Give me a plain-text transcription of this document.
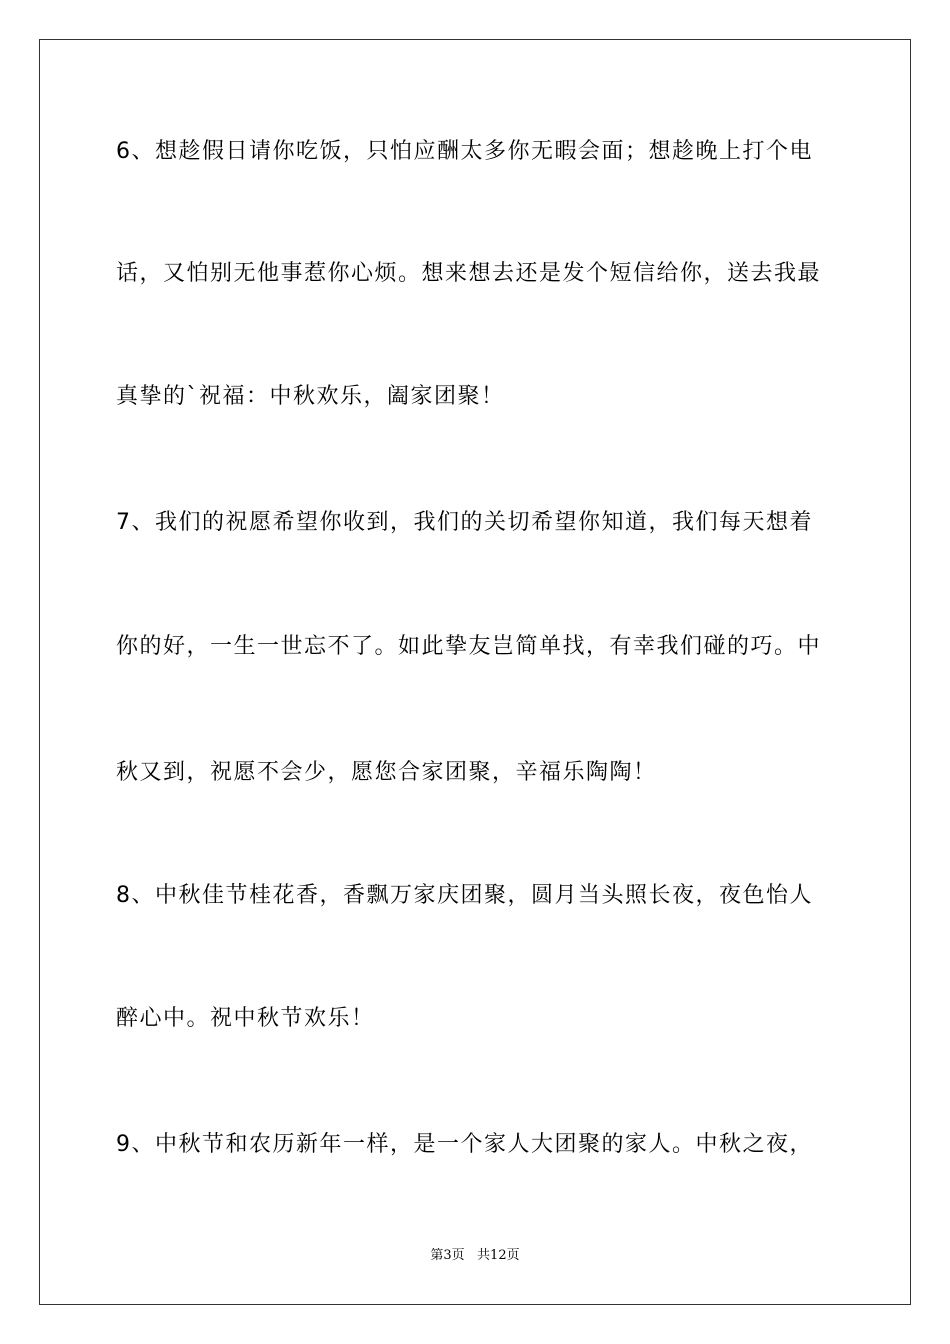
6、想趁假日请你吃饭，只怕应酬太多你无暇会面；想趁晚上打个电
话，又怕别无他事惹你心烦。想来想去还是发个短信给你，送去我最
真挚的`祝福：中秋欢乐，阖家团聚！
7、我们的祝愿希望你收到，我们的关切希望你知道，我们每天想着
你的好，一生一世忘不了。如此挚友岂简单找，有幸我们碰的巧。中
秋又到，祝愿不会少，愿您合家团聚，辛福乐陶陶！
8、中秋佳节桂花香，香飘万家庆团聚，圆月当头照长夜，夜色怡人
醉心中。祝中秋节欢乐！
9、中秋节和农历新年一样，是一个家人大团聚的家人。中秋之夜，
第3页   共12页
